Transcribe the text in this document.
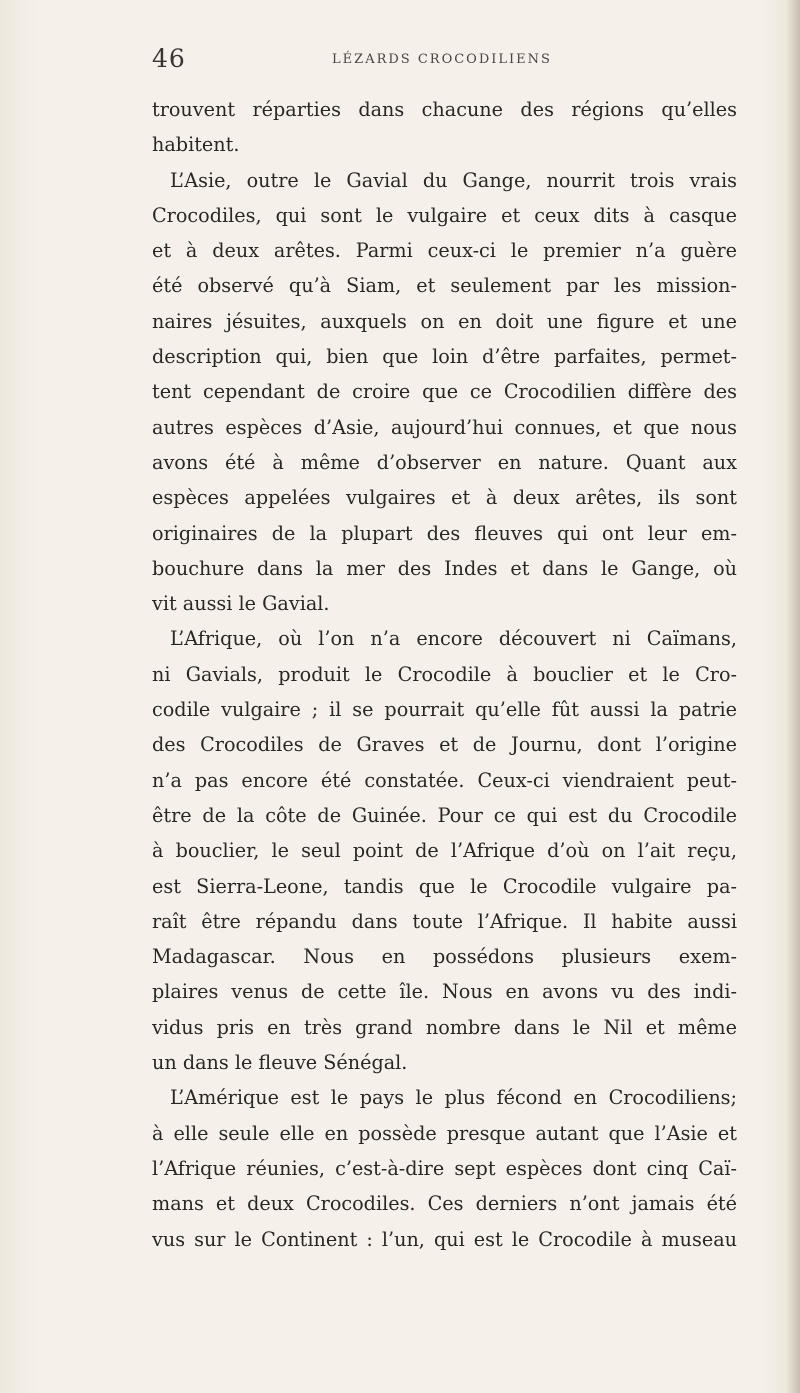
46	LÉZARDS CROCODILIENS
trouvent réparties dans chacune des régions qu’elles
habitent.
L’Asie, outre le Gavial du Gange, nourrit trois vrais
Crocodiles, qui sont le vulgaire et ceux dits à casque
et à deux arêtes. Parmi ceux-ci le premier n’a guère
été observé qu’à Siam, et seulement par les mission-
naires jésuites, auxquels on en doit une figure et une
description qui, bien que loin d’être parfaites, permet-
tent cependant de croire que ce Crocodilien diffère des
autres espèces d’Asie, aujourd’hui connues, et que nous
avons été à même d’observer en nature. Quant aux
espèces appelées vulgaires et à deux arêtes, ils sont
originaires de la plupart des fleuves qui ont leur em-
bouchure dans la mer des Indes et dans le Gange, où
vit aussi le Gavial.
L’Afrique, où l’on n’a encore découvert ni Caïmans,
ni Gavials, produit le Crocodile à bouclier et le Cro-
codile vulgaire ; il se pourrait qu’elle fût aussi la patrie
des Crocodiles de Graves et de Journu, dont l’origine
n’a pas encore été constatée. Ceux-ci viendraient peut-
être de la côte de Guinée. Pour ce qui est du Crocodile
à bouclier, le seul point de l’Afrique d’où on l’ait reçu,
est Sierra-Leone, tandis que le Crocodile vulgaire pa-
raît être répandu dans toute l’Afrique. Il habite aussi
Madagascar. Nous en possédons plusieurs exem-
plaires venus de cette île. Nous en avons vu des indi-
vidus pris en très grand nombre dans le Nil et même
un dans le fleuve Sénégal.
L’Amérique est le pays le plus fécond en Crocodiliens;
à elle seule elle en possède presque autant que l’Asie et
l’Afrique réunies, c’est-à-dire sept espèces dont cinq Caï-
mans et deux Crocodiles. Ces derniers n’ont jamais été
vus sur le Continent : l’un, qui est le Crocodile à museau
